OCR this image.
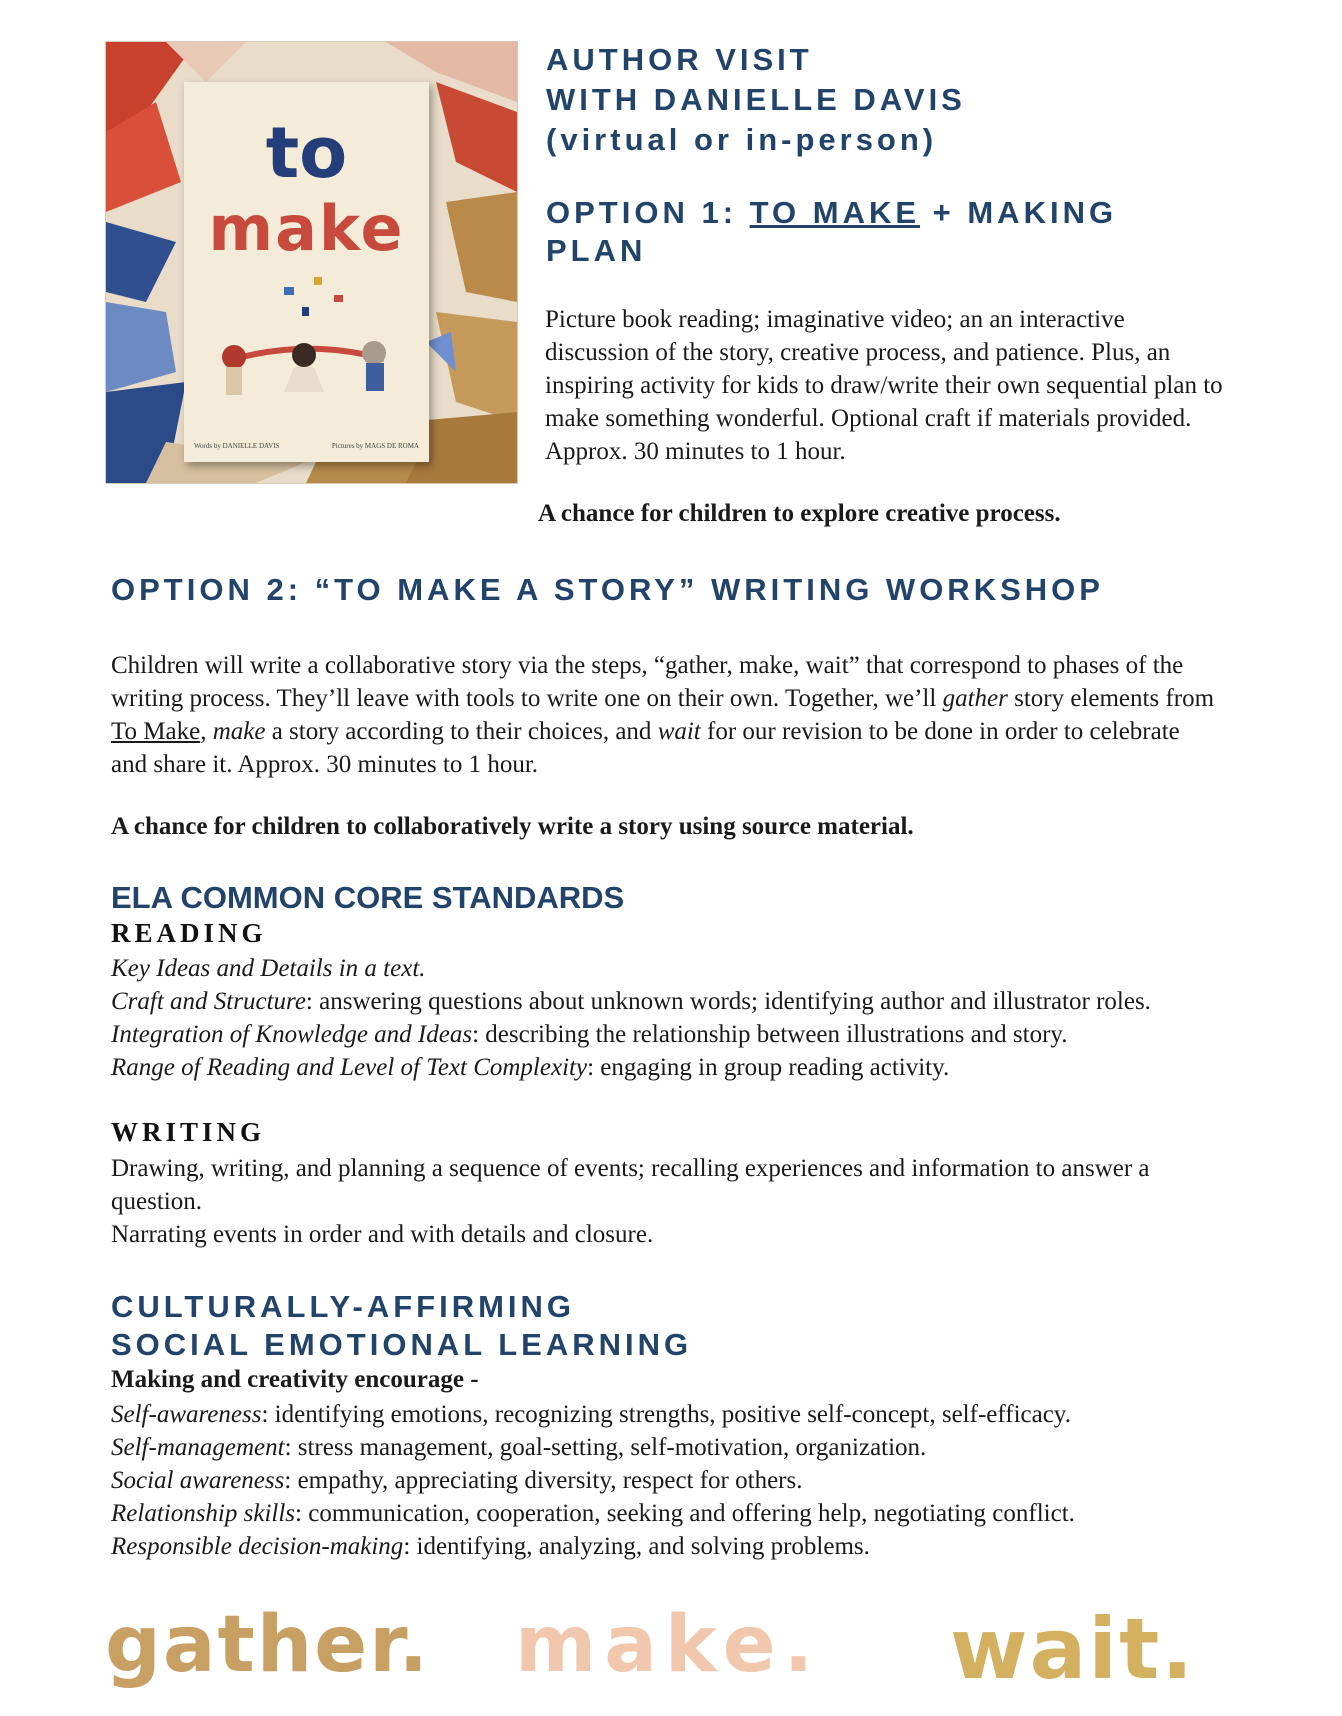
to
make
Words by DANIELLE DAVIS	Pictures by MAGS DE ROMA
AUTHOR VISIT
WITH DANIELLE DAVIS
(virtual or in-person)
OPTION 1: TO MAKE + MAKING
PLAN

Picture book reading; imaginative video; an an interactive discussion of the story, creative process, and patience. Plus, an inspiring activity for kids to draw/write their own sequential plan to make something wonderful. Optional craft if materials provided. Approx. 30 minutes to 1 hour.

A chance for children to explore creative process.

OPTION 2: “TO MAKE A STORY” WRITING WORKSHOP

Children will write a collaborative story via the steps, “gather, make, wait” that correspond to phases of the writing process. They’ll leave with tools to write one on their own. Together, we’ll gather story elements from To Make, make a story according to their choices, and wait for our revision to be done in order to celebrate and share it. Approx. 30 minutes to 1 hour.

A chance for children to collaboratively write a story using source material.

ELA COMMON CORE STANDARDS
READING

Key Ideas and Details in a text.

Craft and Structure: answering questions about unknown words; identifying author and illustrator roles.

Integration of Knowledge and Ideas: describing the relationship between illustrations and story.

Range of Reading and Level of Text Complexity: engaging in group reading activity.

WRITING

Drawing, writing, and planning a sequence of events; recalling experiences and information to answer a question.

Narrating events in order and with details and closure.

CULTURALLY-AFFIRMING
SOCIAL EMOTIONAL LEARNING

Making and creativity encourage -

Self-awareness: identifying emotions, recognizing strengths, positive self-concept, self-efficacy.

Self-management: stress management, goal-setting, self-motivation, organization.

Social awareness: empathy, appreciating diversity, respect for others.

Relationship skills: communication, cooperation, seeking and offering help, negotiating conflict.

Responsible decision-making: identifying, analyzing, and solving problems.

gather. make. wait.
